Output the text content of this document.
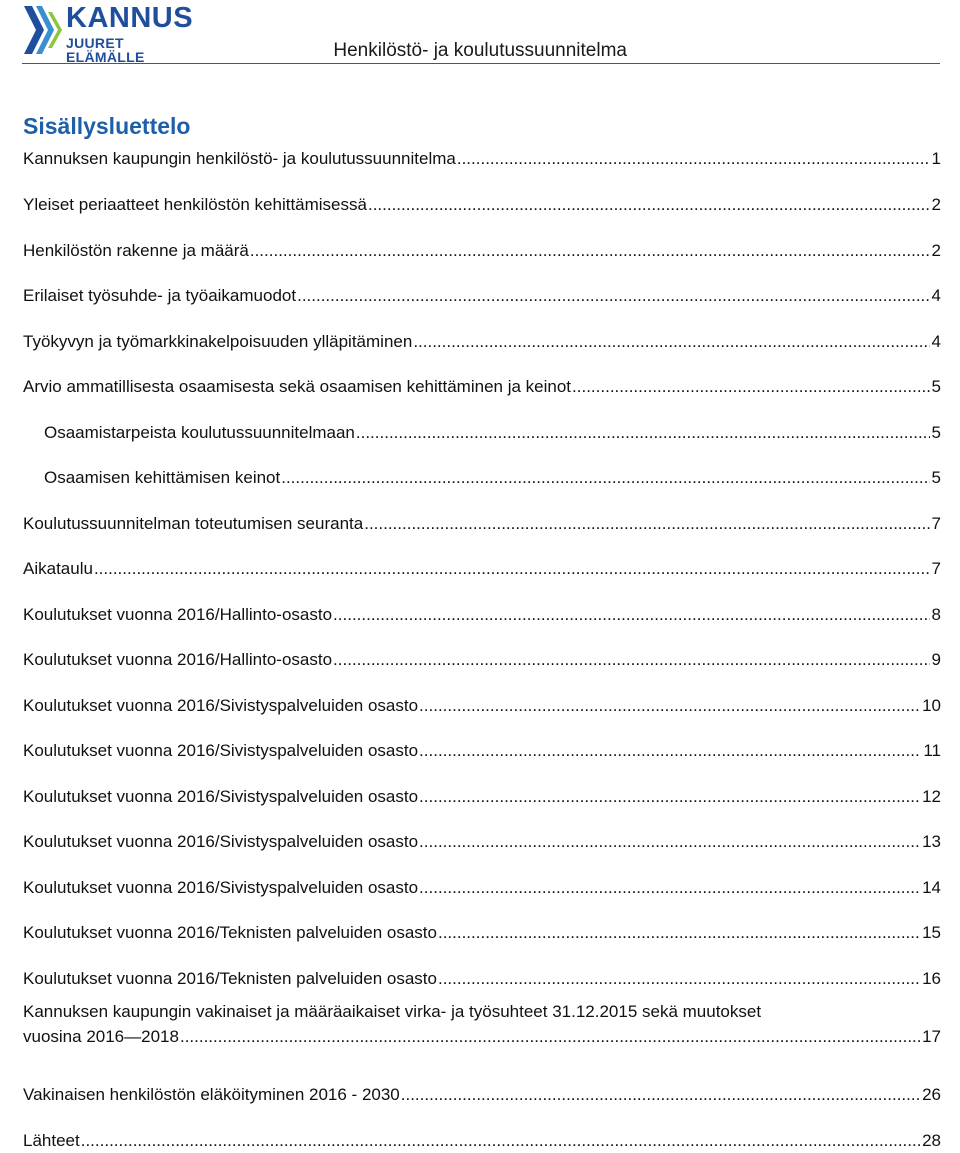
KANNUS
JUURET ELÄMÄLLE	Henkilöstö- ja koulutussuunnitelma
Sisällysluettelo
Kannuksen kaupungin henkilöstö- ja koulutussuunnitelma .....	1
Yleiset periaatteet henkilöstön kehittämisessä .....	2
Henkilöstön rakenne ja määrä .....	2
Erilaiset työsuhde- ja työaikamuodot .....	4
Työkyvyn ja työmarkkinakelpoisuuden ylläpitäminen .....	4
Arvio ammatillisesta osaamisesta sekä osaamisen kehittäminen ja keinot .....	5
Osaamistarpeista koulutussuunnitelmaan .....	5
Osaamisen kehittämisen keinot .....	5
Koulutussuunnitelman toteutumisen seuranta .....	7
Aikataulu .....	7
Koulutukset vuonna 2016/Hallinto-osasto .....	8
Koulutukset vuonna 2016/Hallinto-osasto .....	9
Koulutukset vuonna 2016/Sivistyspalveluiden osasto .....	10
Koulutukset vuonna 2016/Sivistyspalveluiden osasto .....	11
Koulutukset vuonna 2016/Sivistyspalveluiden osasto .....	12
Koulutukset vuonna 2016/Sivistyspalveluiden osasto .....	13
Koulutukset vuonna 2016/Sivistyspalveluiden osasto .....	14
Koulutukset vuonna 2016/Teknisten palveluiden osasto .....	15
Koulutukset vuonna 2016/Teknisten palveluiden osasto .....	16
Kannuksen kaupungin vakinaiset ja määräaikaiset virka- ja työsuhteet 31.12.2015 sekä muutokset
vuosina 2016—2018 .....	17
Vakinaisen henkilöstön eläköityminen 2016 - 2030 .....	26
Lähteet .....	28
